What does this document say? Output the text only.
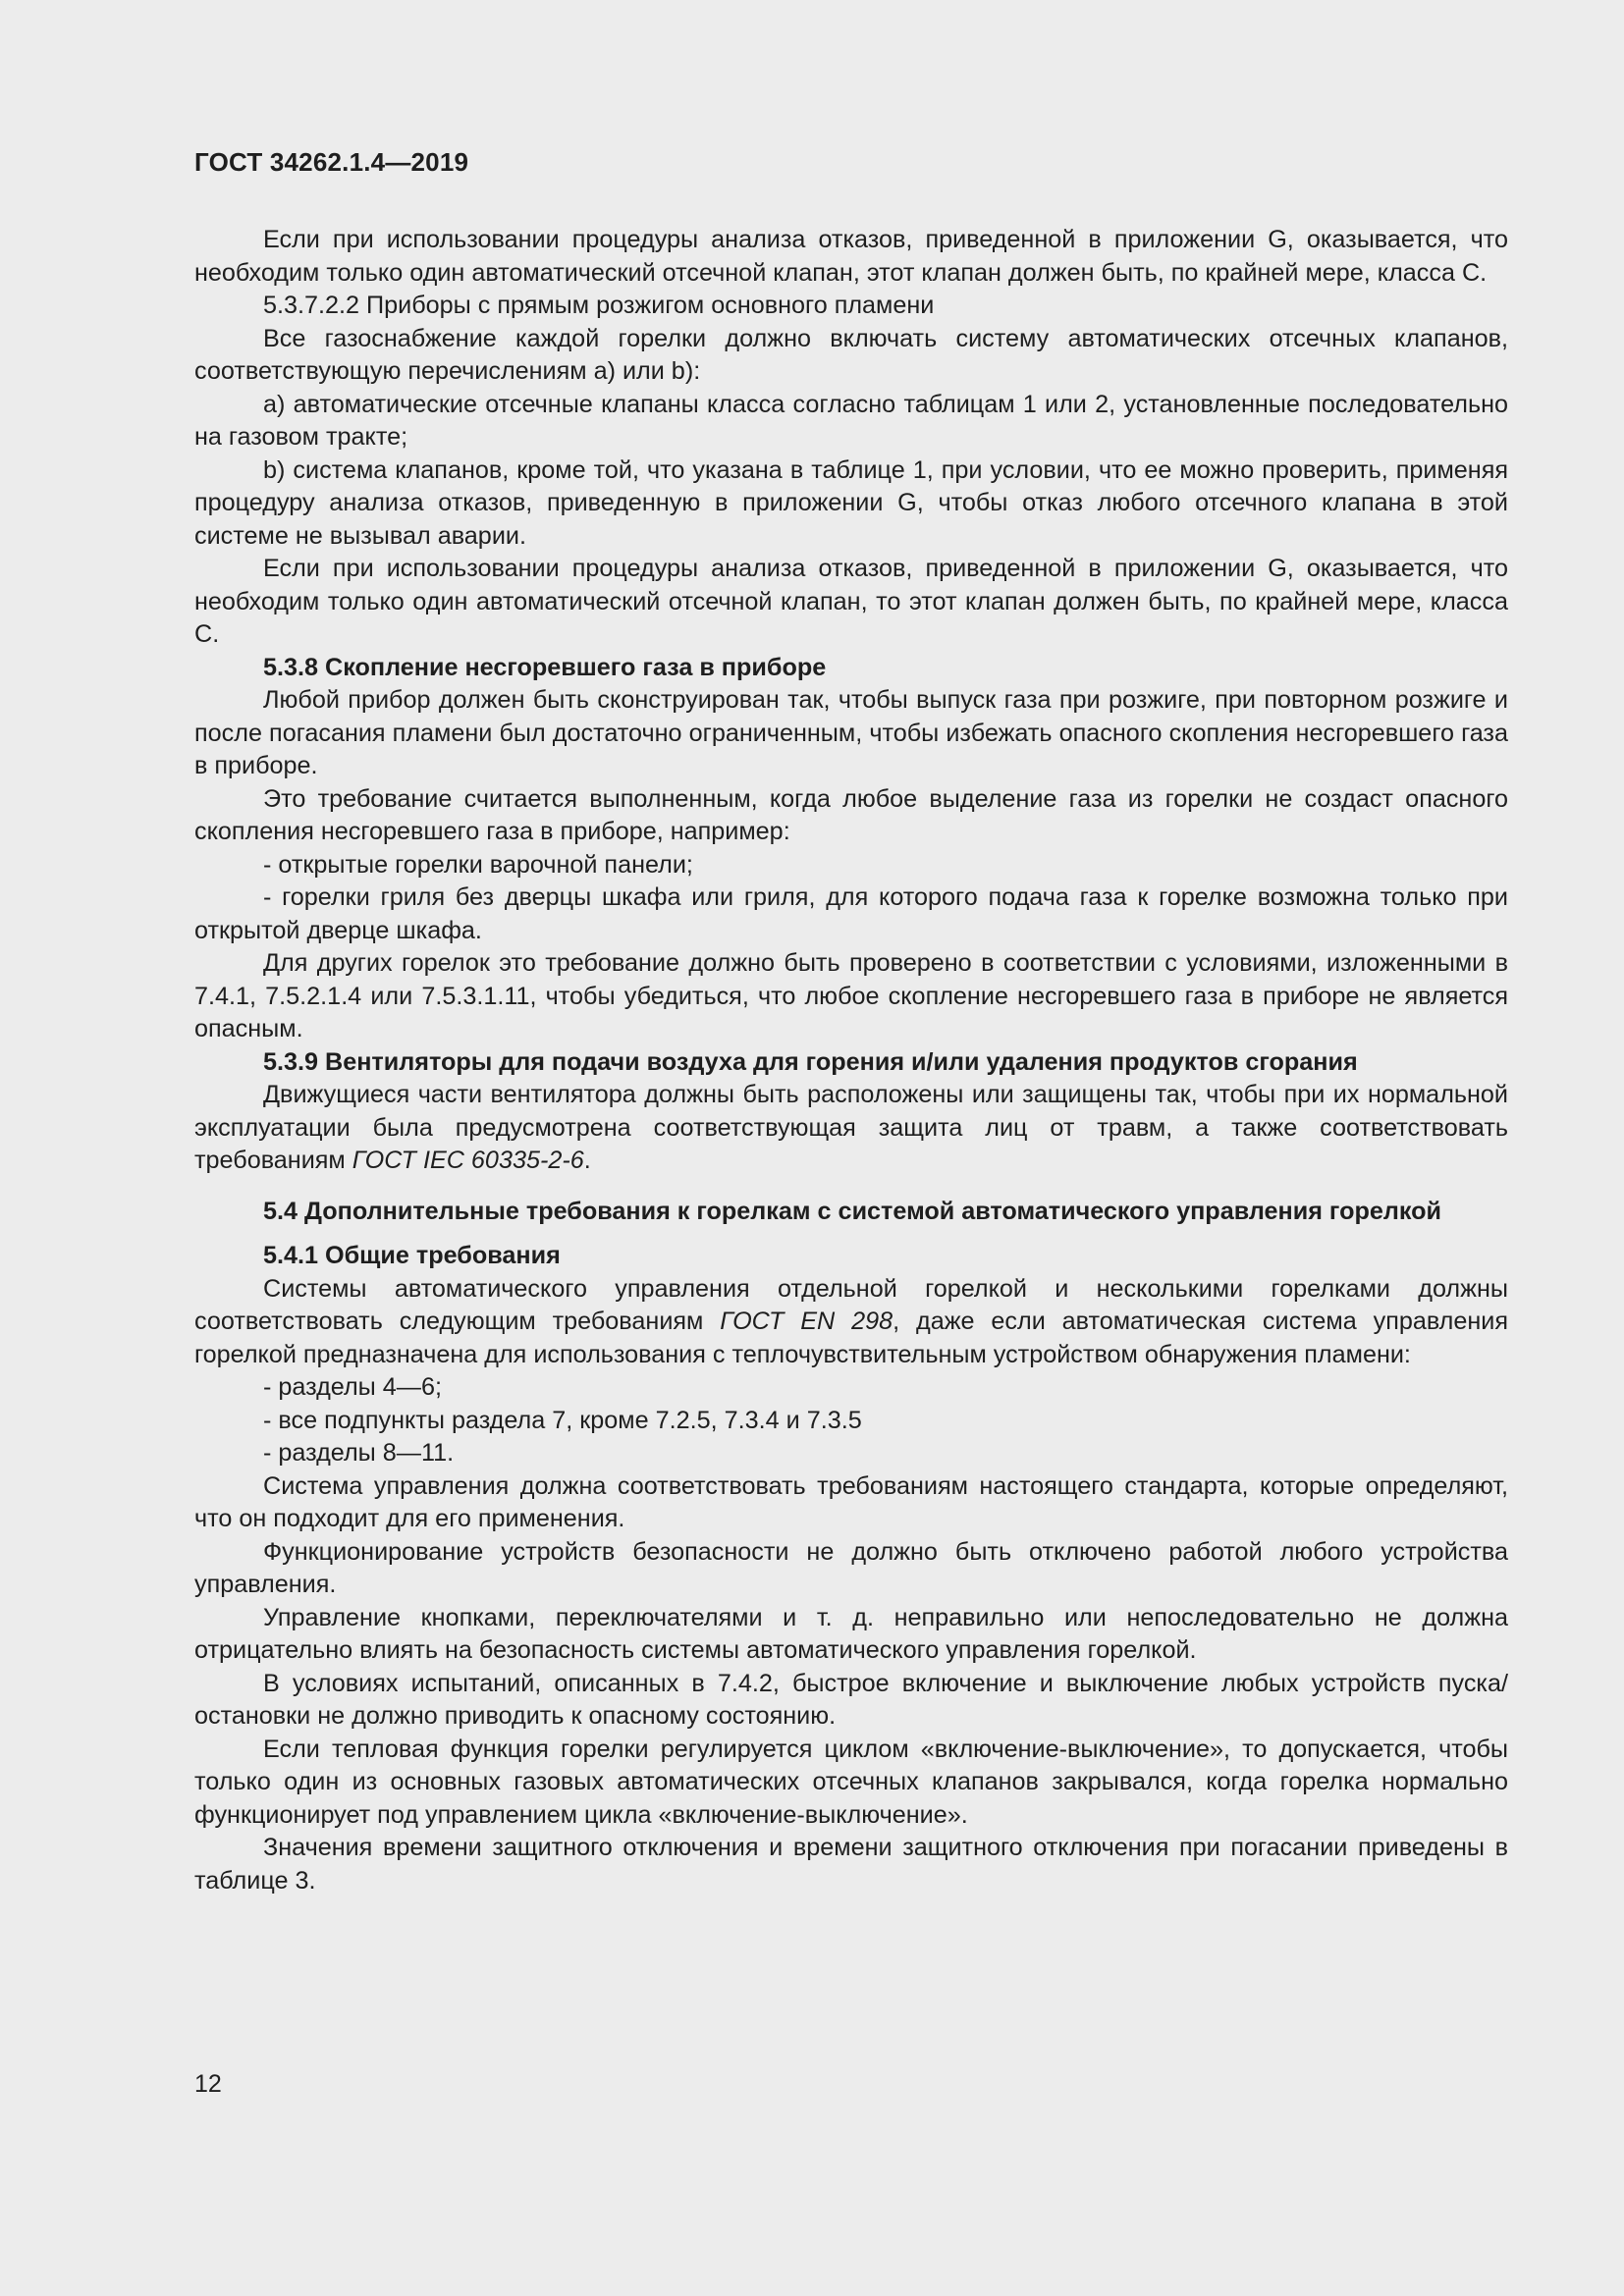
ГОСТ 34262.1.4—2019

Если при использовании процедуры анализа отказов, приведенной в приложении G, оказывается, что необходим только один автоматический отсечной клапан, этот клапан должен быть, по крайней мере, класса С.

5.3.7.2.2 Приборы с прямым розжигом основного пламени

Все газоснабжение каждой горелки должно включать систему автоматических отсечных клапанов, соответствующую перечислениям а) или b):

а) автоматические отсечные клапаны класса согласно таблицам 1 или 2, установленные последовательно на газовом тракте;

b) система клапанов, кроме той, что указана в таблице 1, при условии, что ее можно проверить, применяя процедуру анализа отказов, приведенную в приложении G, чтобы отказ любого отсечного клапана в этой системе не вызывал аварии.

Если при использовании процедуры анализа отказов, приведенной в приложении G, оказывается, что необходим только один автоматический отсечной клапан, то этот клапан должен быть, по крайней мере, класса С.

5.3.8 Скопление несгоревшего газа в приборе

Любой прибор должен быть сконструирован так, чтобы выпуск газа при розжиге, при повторном розжиге и после погасания пламени был достаточно ограниченным, чтобы избежать опасного скопления несгоревшего газа в приборе.

Это требование считается выполненным, когда любое выделение газа из горелки не создаст опасного скопления несгоревшего газа в приборе, например:

- открытые горелки варочной панели;

- горелки гриля без дверцы шкафа или гриля, для которого подача газа к горелке возможна только при открытой дверце шкафа.

Для других горелок это требование должно быть проверено в соответствии с условиями, изложенными в 7.4.1, 7.5.2.1.4 или 7.5.3.1.11, чтобы убедиться, что любое скопление несгоревшего газа в приборе не является опасным.

5.3.9 Вентиляторы для подачи воздуха для горения и/или удаления продуктов сгорания

Движущиеся части вентилятора должны быть расположены или защищены так, чтобы при их нормальной эксплуатации была предусмотрена соответствующая защита лиц от травм, а также соответствовать требованиям ГОСТ IEC 60335-2-6.

5.4 Дополнительные требования к горелкам с системой автоматического управления горелкой

5.4.1 Общие требования

Системы автоматического управления отдельной горелкой и несколькими горелками должны соответствовать следующим требованиям ГОСТ EN 298, даже если автоматическая система управления горелкой предназначена для использования с теплочувствительным устройством обнаружения пламени:

- разделы 4—6;

- все подпункты раздела 7, кроме 7.2.5, 7.3.4 и 7.3.5

- разделы 8—11.

Система управления должна соответствовать требованиям настоящего стандарта, которые определяют, что он подходит для его применения.

Функционирование устройств безопасности не должно быть отключено работой любого устройства управления.

Управление кнопками, переключателями и т. д. неправильно или непоследовательно не должна отрицательно влиять на безопасность системы автоматического управления горелкой.

В условиях испытаний, описанных в 7.4.2, быстрое включение и выключение любых устройств пуска/остановки не должно приводить к опасному состоянию.

Если тепловая функция горелки регулируется циклом «включение-выключение», то допускается, чтобы только один из основных газовых автоматических отсечных клапанов закрывался, когда горелка нормально функционирует под управлением цикла «включение-выключение».

Значения времени защитного отключения и времени защитного отключения при погасании приведены в таблице 3.

12
